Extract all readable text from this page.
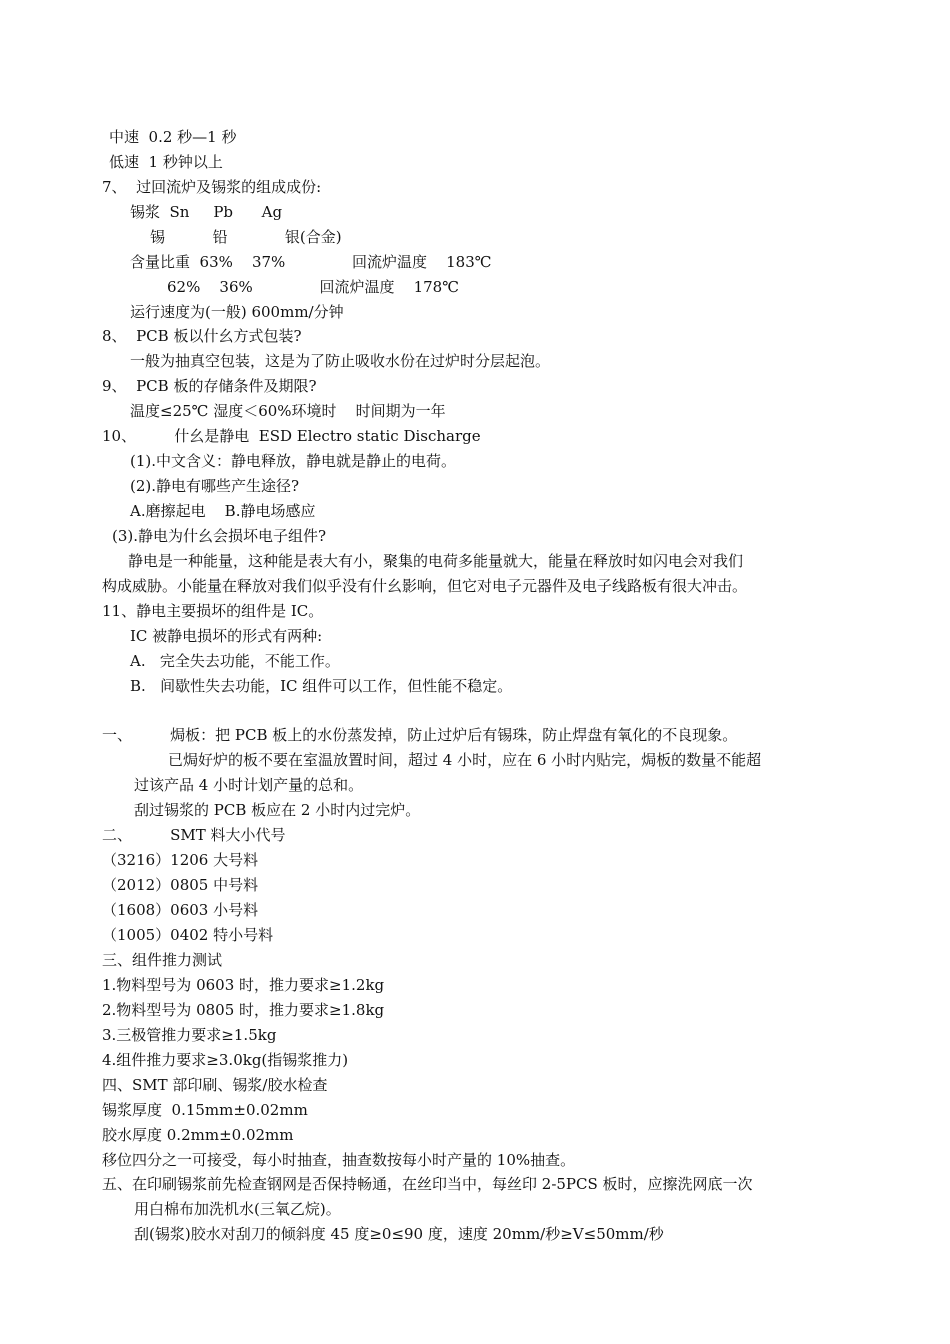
中速  0.2 秒—1 秒
低速  1 秒钟以上
7、  过回流炉及锡浆的组成成份:
锡浆  Sn     Pb      Ag
锡          铅            银(合金)
含量比重  63%    37%              回流炉温度    183℃
62%    36%              回流炉温度    178℃
运行速度为(一般) 600mm/分钟
8、  PCB 板以什幺方式包装?
一般为抽真空包装，这是为了防止吸收水份在过炉时分层起泡。
9、  PCB 板的存储条件及期限?
温度≤25℃ 湿度＜60%环境时    时间期为一年
10、        什幺是静电  ESD Electro static Discharge
(1).中文含义：静电释放，静电就是静止的电荷。
(2).静电有哪些产生途径?
A.磨擦起电    B.静电场感应
(3).静电为什幺会损坏电子组件?
静电是一种能量，这种能是表大有小，聚集的电荷多能量就大，能量在释放时如闪电会对我们
构成威胁。小能量在释放对我们似乎没有什幺影响，但它对电子元器件及电子线路板有很大冲击。
11、静电主要损坏的组件是 IC。
IC 被静电损坏的形式有两种:
A.   完全失去功能，不能工作。
B.   间歇性失去功能，IC 组件可以工作，但性能不稳定。
一、        焗板：把 PCB 板上的水份蒸发掉，防止过炉后有锡珠，防止焊盘有氧化的不良现象。
已焗好炉的板不要在室温放置时间，超过 4 小时，应在 6 小时内贴完，焗板的数量不能超
过该产品 4 小时计划产量的总和。
刮过锡浆的 PCB 板应在 2 小时内过完炉。
二、        SMT 料大小代号
（3216）1206 大号料
（2012）0805 中号料
（1608）0603 小号料
（1005）0402 特小号料
三、组件推力测试
1.物料型号为 0603 时，推力要求≥1.2kg
2.物料型号为 0805 时，推力要求≥1.8kg
3.三极管推力要求≥1.5kg
4.组件推力要求≥3.0kg(指锡浆推力)
四、SMT 部印刷、锡浆/胶水检查
锡浆厚度  0.15mm±0.02mm
胶水厚度 0.2mm±0.02mm
移位四分之一可接受，每小时抽查，抽查数按每小时产量的 10%抽查。
五、在印刷锡浆前先检查钢网是否保持畅通，在丝印当中，每丝印 2-5PCS 板时，应擦洗网底一次
用白棉布加洗机水(三氧乙烷)。
刮(锡浆)胶水对刮刀的倾斜度 45 度≥0≤90 度，速度 20mm/秒≥V≤50mm/秒
